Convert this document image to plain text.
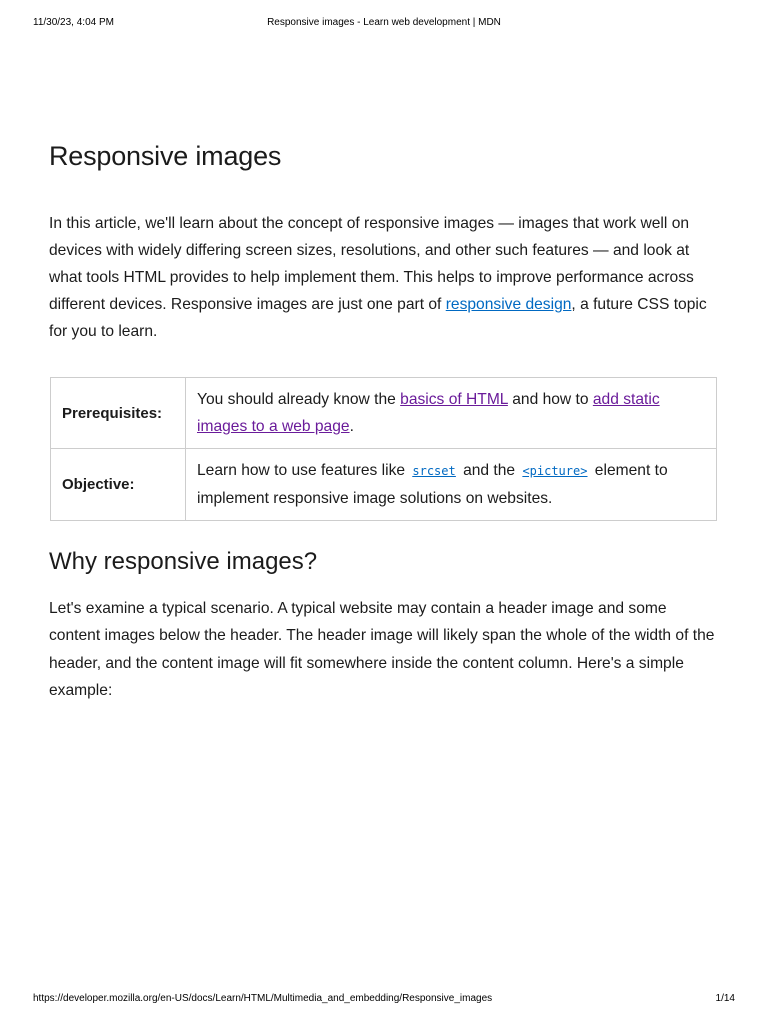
11/30/23, 4:04 PM	Responsive images - Learn web development | MDN
Responsive images

In this article, we'll learn about the concept of responsive images — images that work well on devices with widely differing screen sizes, resolutions, and other such features — and look at what tools HTML provides to help implement them. This helps to improve performance across different devices. Responsive images are just one part of responsive design, a future CSS topic for you to learn.

Prerequisites:	You should already know the basics of HTML and how to add static images to a web page.
Objective:	Learn how to use features like srcset and the <picture> element to implement responsive image solutions on websites.
Why responsive images?

Let's examine a typical scenario. A typical website may contain a header image and some content images below the header. The header image will likely span the whole of the width of the header, and the content image will fit somewhere inside the content column. Here's a simple example:

https://developer.mozilla.org/en-US/docs/Learn/HTML/Multimedia_and_embedding/Responsive_images	1/14
